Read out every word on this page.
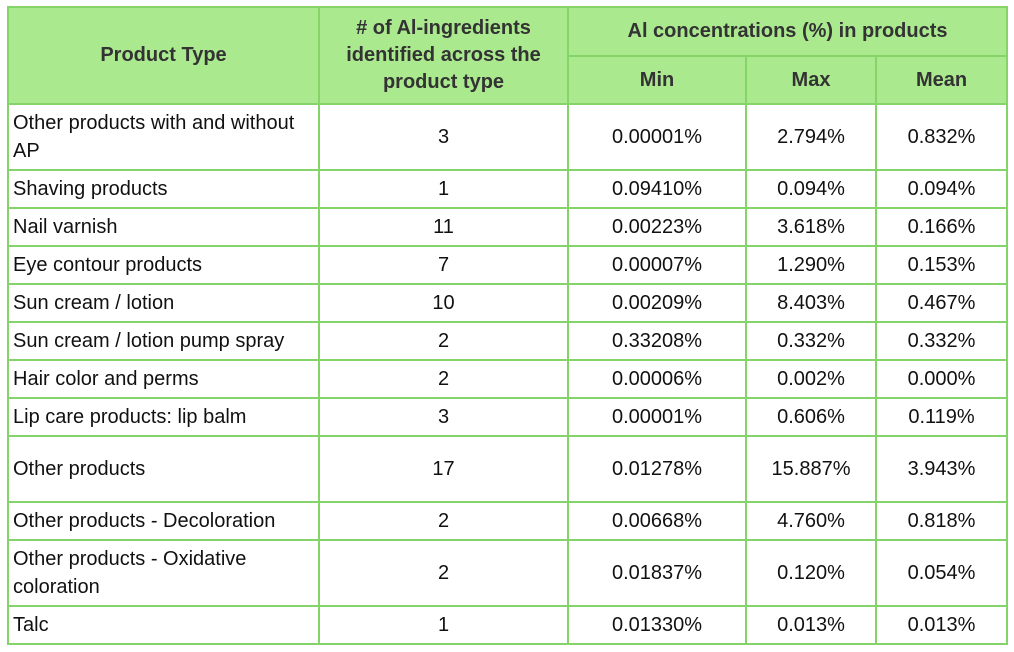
Product Type	# of Al-ingredients identified across the product type	Al concentrations (%) in products		
		Min	Max	Mean
Other products with and without AP	3	0.00001%	2.794%	0.832%
Shaving products	1	0.09410%	0.094%	0.094%
Nail varnish	11	0.00223%	3.618%	0.166%
Eye contour products	7	0.00007%	1.290%	0.153%
Sun cream / lotion	10	0.00209%	8.403%	0.467%
Sun cream / lotion pump spray	2	0.33208%	0.332%	0.332%
Hair color and perms	2	0.00006%	0.002%	0.000%
Lip care products: lip balm	3	0.00001%	0.606%	0.119%
Other products	17	0.01278%	15.887%	3.943%
Other products - Decoloration	2	0.00668%	4.760%	0.818%
Other products - Oxidative coloration	2	0.01837%	0.120%	0.054%
Talc	1	0.01330%	0.013%	0.013%
